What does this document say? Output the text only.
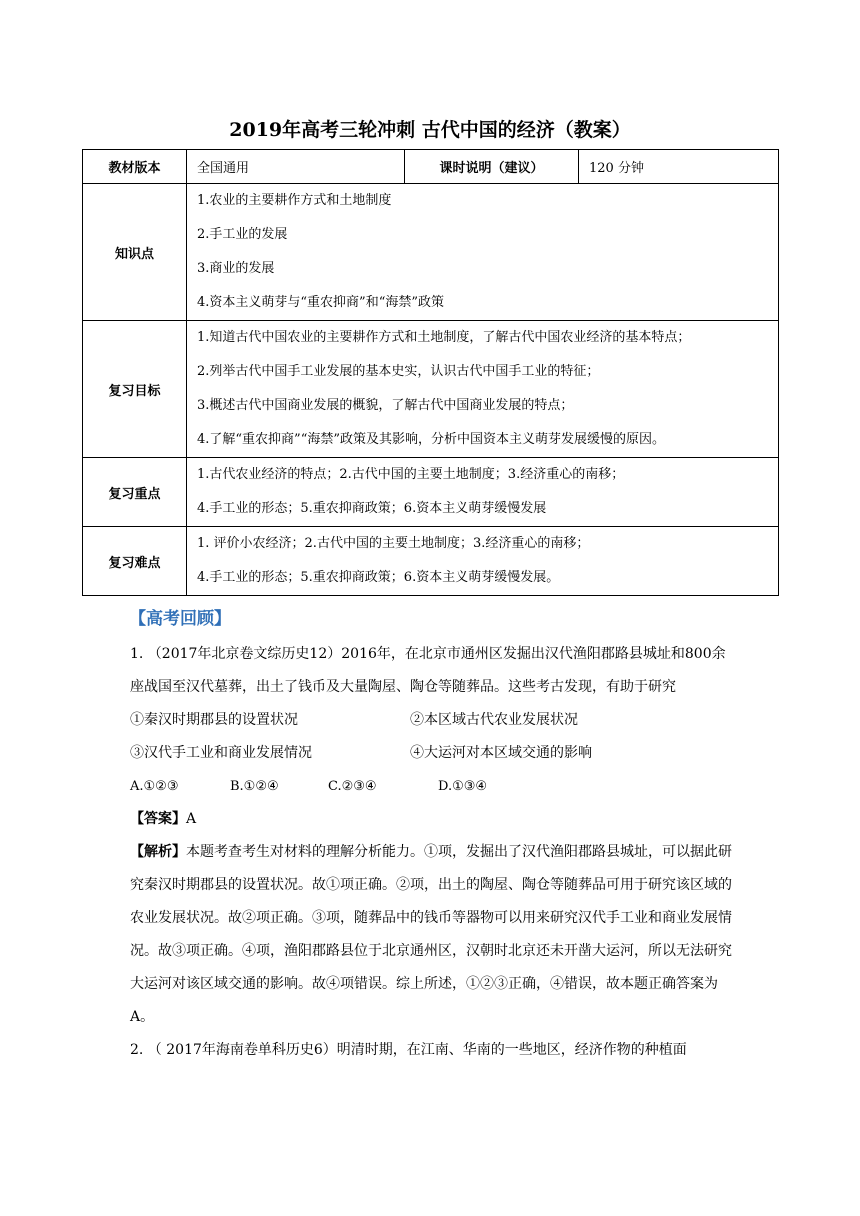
2019年高考三轮冲刺 古代中国的经济（教案）
教材版本	全国通用	课时说明（建议）	120 分钟
知识点	1.农业的主要耕作方式和土地制度
2.手工业的发展
3.商业的发展
4.资本主义萌芽与“重农抑商”和“海禁”政策		

复习目标	1.知道古代中国农业的主要耕作方式和土地制度，了解古代中国农业经济的基本特点；
2.列举古代中国手工业发展的基本史实，认识古代中国手工业的特征；
3.概述古代中国商业发展的概貌，了解古代中国商业发展的特点；
4.了解“重农抑商”“海禁”政策及其影响，分析中国资本主义萌芽发展缓慢的原因。		

复习重点	1.古代农业经济的特点；2.古代中国的主要土地制度；3.经济重心的南移；
4.手工业的形态；5.重农抑商政策；6.资本主义萌芽缓慢发展		

复习难点	1. 评价小农经济；2.古代中国的主要土地制度；3.经济重心的南移；
4.手工业的形态；5.重农抑商政策；6.资本主义萌芽缓慢发展。		
【高考回顾】

1. （2017年北京卷文综历史12）2016年，在北京市通州区发掘出汉代渔阳郡路县城址和800余座战国至汉代墓葬，出土了钱币及大量陶屋、陶仓等随葬品。这些考古发现，有助于研究

①秦汉时期郡县的设置状况	②本区域古代农业发展状况
③汉代手工业和商业发展情况	④大运河对本区域交通的影响
A.①②③	B.①②④	C.②③④	D.①③④

【答案】A

【解析】本题考查考生对材料的理解分析能力。①项，发掘出了汉代渔阳郡路县城址，可以据此研究秦汉时期郡县的设置状况。故①项正确。②项，出土的陶屋、陶仓等随葬品可用于研究该区域的农业发展状况。故②项正确。③项，随葬品中的钱币等器物可以用来研究汉代手工业和商业发展情况。故③项正确。④项，渔阳郡路县位于北京通州区，汉朝时北京还未开凿大运河，所以无法研究大运河对该区域交通的影响。故④项错误。综上所述，①②③正确，④错误，故本题正确答案为A。

2. （ 2017年海南卷单科历史6）明清时期，在江南、华南的一些地区，经济作物的种植面
